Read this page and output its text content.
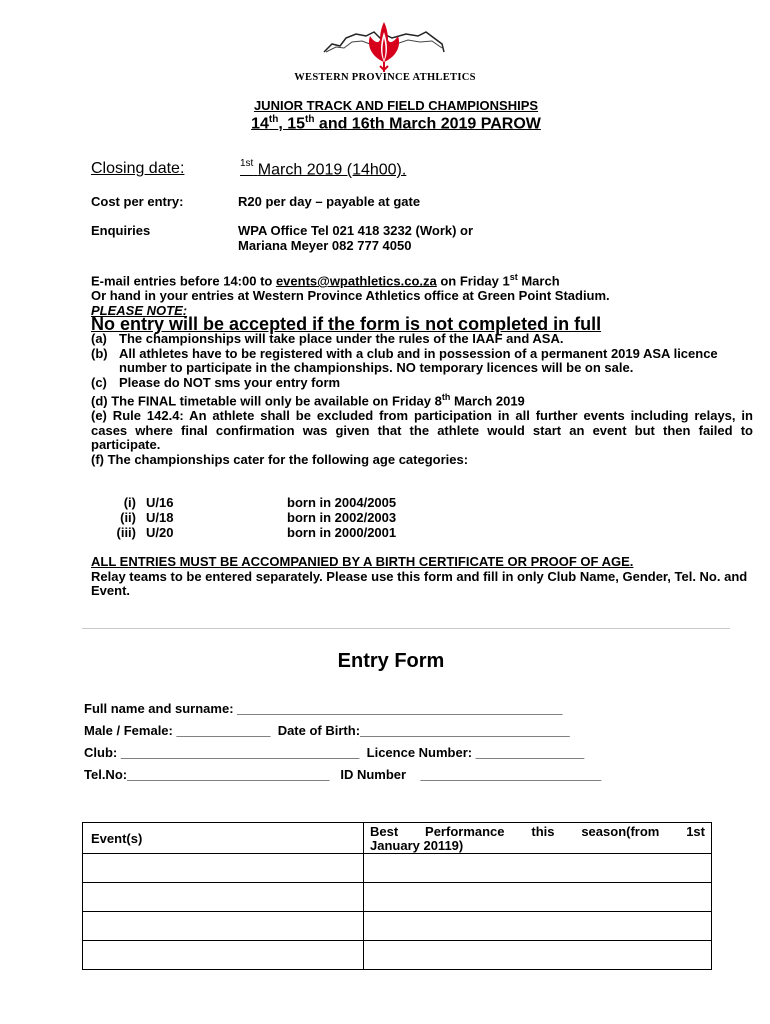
WESTERN PROVINCE ATHLETICS
JUNIOR TRACK AND FIELD CHAMPIONSHIPS
14th, 15th and 16th March 2019 PAROW
Closing date:	$^{1st}$ March 2019 (14h00).
Cost per entry:	R20 per day – payable at gate
Enquiries	WPA Office Tel 021 418 3232 (Work) or
Mariana Meyer 082 777 4050
E-mail entries before 14:00 to events@wpathletics.co.za on Friday 1st March
Or hand in your entries at Western Province Athletics office at Green Point Stadium.
PLEASE NOTE:
No entry will be accepted if the form is not completed in full
(a) The championships will take place under the rules of the IAAF and ASA.
(b) All athletes have to be registered with a club and in possession of a permanent 2019 ASA licence number to participate in the championships. NO temporary licences will be on sale.
(c) Please do NOT sms your entry form
(d) The FINAL timetable will only be available on Friday 8th March 2019
(e) Rule 142.4: An athlete shall be excluded from participation in all further events including relays, in cases where final confirmation was given that the athlete would start an event but then failed to participate.
(f) The championships cater for the following age categories:
(i) U/16	born in 2004/2005
(ii) U/18	born in 2002/2003
(iii) U/20	born in 2000/2001
ALL ENTRIES MUST BE ACCOMPANIED BY A BIRTH CERTIFICATE OR PROOF OF AGE.
Relay teams to be entered separately. Please use this form and fill in only Club Name, Gender, Tel. No. and Event.
Entry Form
Full name and surname: _____________________________________________
Male / Female: _____________  Date of Birth:_____________________________
Club: _________________________________  Licence Number: _______________
Tel.No:____________________________   ID Number    _________________________
Event(s)	Best Performance this season(from 1st
January 20119)
